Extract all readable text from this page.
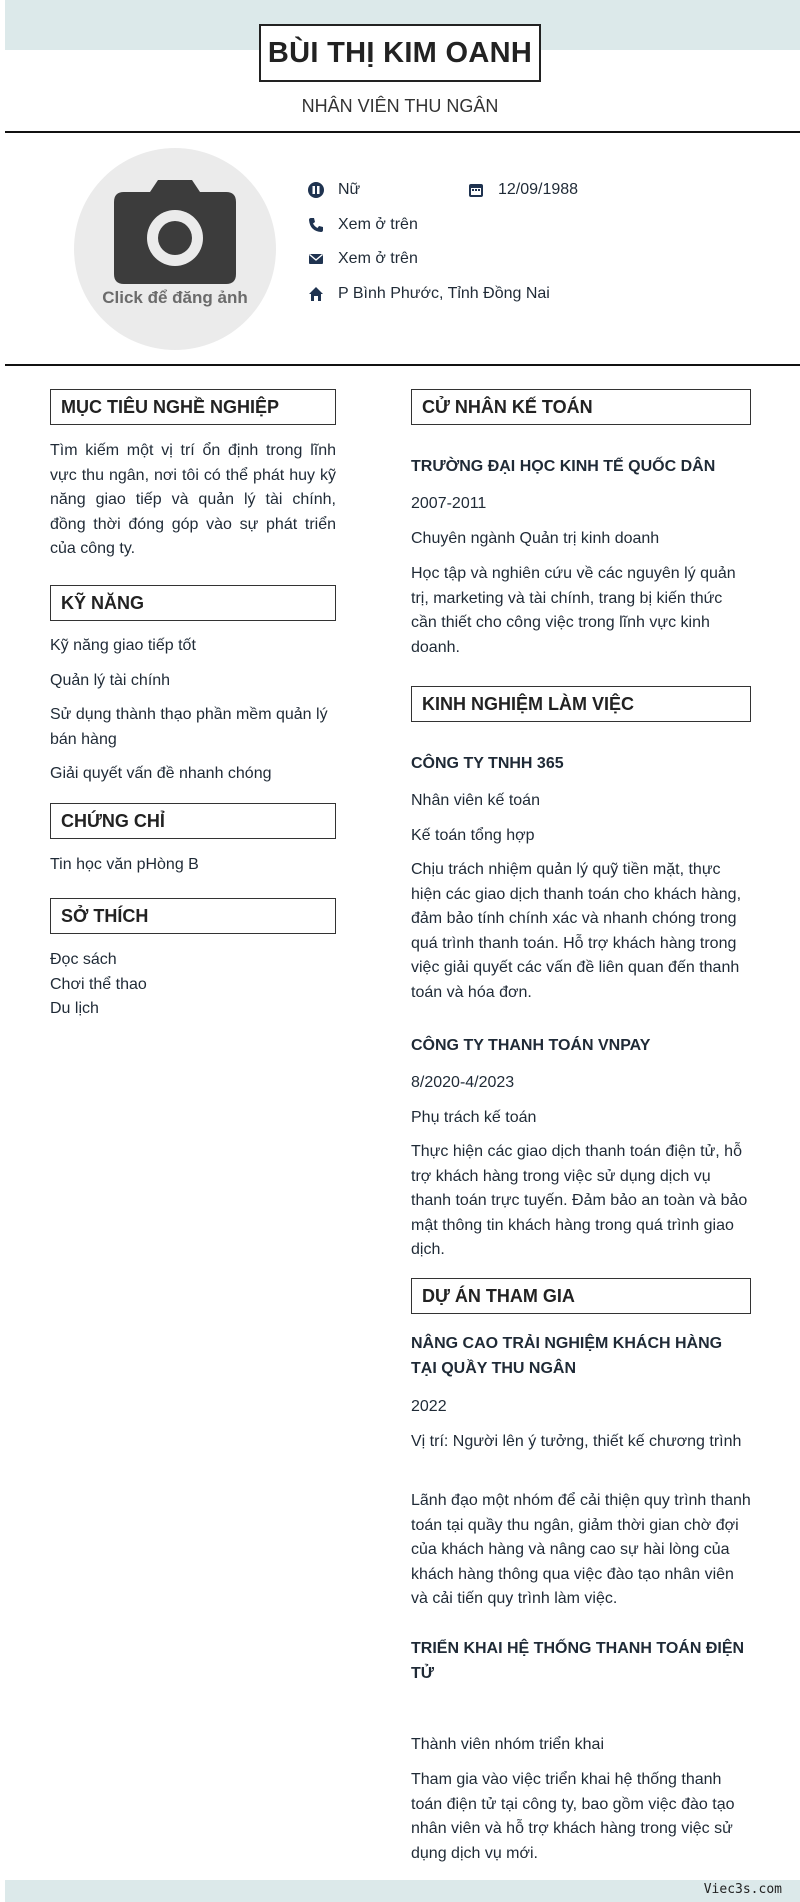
BÙI THỊ KIM OANH
NHÂN VIÊN THU NGÂN
Click để đăng ảnh
Nữ	12/09/1988
Xem ở trên
Xem ở trên
P Bình Phước, Tỉnh Đồng Nai
MỤC TIÊU NGHỀ NGHIỆP
Tìm kiếm một vị trí ổn định trong lĩnh vực thu ngân, nơi tôi có thể phát huy kỹ năng giao tiếp và quản lý tài chính, đồng thời đóng góp vào sự phát triển của công ty.
KỸ NĂNG
Kỹ năng giao tiếp tốt
Quản lý tài chính
Sử dụng thành thạo phần mềm quản lý bán hàng
Giải quyết vấn đề nhanh chóng
CHỨNG CHỈ
Tin học văn pHòng B
SỞ THÍCH
Đọc sách
Chơi thể thao
Du lịch
CỬ NHÂN KẾ TOÁN
TRƯỜNG ĐẠI HỌC KINH TẾ QUỐC DÂN
2007-2011
Chuyên ngành Quản trị kinh doanh
Học tập và nghiên cứu về các nguyên lý quản trị, marketing và tài chính, trang bị kiến thức cần thiết cho công việc trong lĩnh vực kinh doanh.
KINH NGHIỆM LÀM VIỆC
CÔNG TY TNHH 365
Nhân viên kế toán
Kế toán tổng hợp
Chịu trách nhiệm quản lý quỹ tiền mặt, thực hiện các giao dịch thanh toán cho khách hàng, đảm bảo tính chính xác và nhanh chóng trong quá trình thanh toán. Hỗ trợ khách hàng trong việc giải quyết các vấn đề liên quan đến thanh toán và hóa đơn.
CÔNG TY THANH TOÁN VNPAY
8/2020-4/2023
Phụ trách kế toán
Thực hiện các giao dịch thanh toán điện tử, hỗ trợ khách hàng trong việc sử dụng dịch vụ thanh toán trực tuyến. Đảm bảo an toàn và bảo mật thông tin khách hàng trong quá trình giao dịch.
DỰ ÁN THAM GIA
NÂNG CAO TRẢI NGHIỆM KHÁCH HÀNG TẠI QUẦY THU NGÂN
2022
Vị trí: Người lên ý tưởng, thiết kế chương trình
Lãnh đạo một nhóm để cải thiện quy trình thanh toán tại quầy thu ngân, giảm thời gian chờ đợi của khách hàng và nâng cao sự hài lòng của khách hàng thông qua việc đào tạo nhân viên và cải tiến quy trình làm việc.
TRIỂN KHAI HỆ THỐNG THANH TOÁN ĐIỆN TỬ
Thành viên nhóm triển khai
Tham gia vào việc triển khai hệ thống thanh toán điện tử tại công ty, bao gồm việc đào tạo nhân viên và hỗ trợ khách hàng trong việc sử dụng dịch vụ mới.
Viec3s.com
